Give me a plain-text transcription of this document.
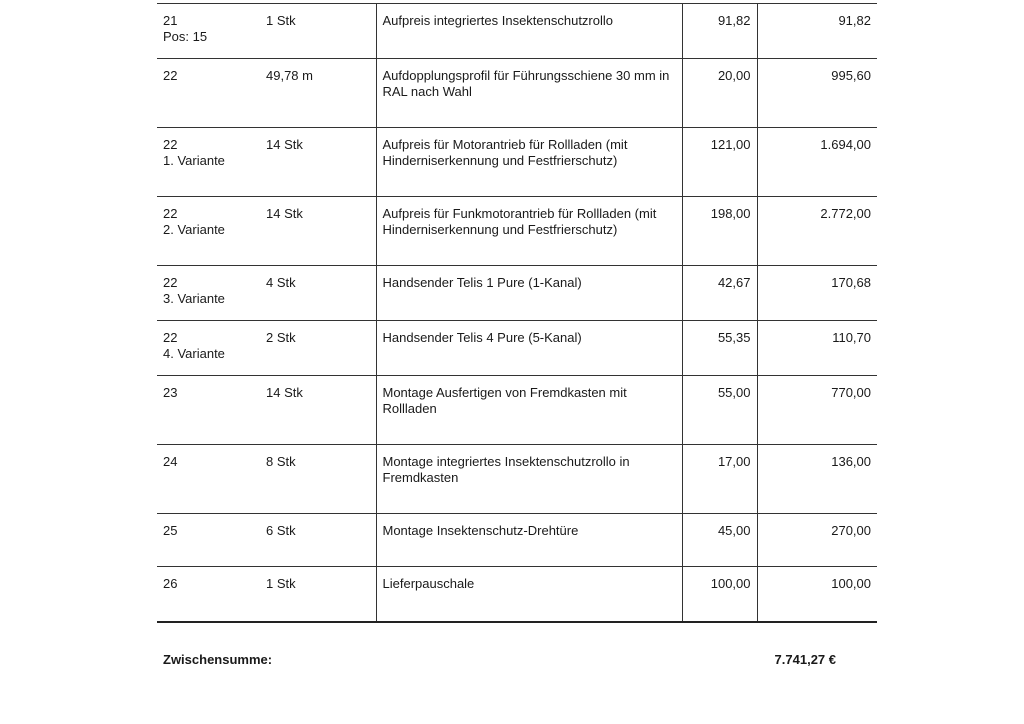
21
Pos: 15	1 Stk	Aufpreis integriertes Insektenschutzrollo	91,82	91,82

22	49,78 m	Aufdopplungsprofil für Führungsschiene 30 mm in RAL nach Wahl	20,00	995,60

22
1. Variante	14 Stk	Aufpreis für Motorantrieb für Rollladen (mit Hinderniserkennung und Festfrierschutz)	121,00	1.694,00

22
2. Variante	14 Stk	Aufpreis für Funkmotorantrieb für Rollladen (mit Hinderniserkennung und Festfrierschutz)	198,00	2.772,00

22
3. Variante	4 Stk	Handsender Telis 1 Pure (1-Kanal)	42,67	170,68

22
4. Variante	2 Stk	Handsender Telis 4 Pure (5-Kanal)	55,35	110,70

23	14 Stk	Montage Ausfertigen von Fremdkasten mit Rollladen	55,00	770,00

24	8 Stk	Montage integriertes Insektenschutzrollo in Fremdkasten	17,00	136,00

25	6 Stk	Montage Insektenschutz-Drehtüre	45,00	270,00

26	1 Stk	Lieferpauschale	100,00	100,00
Zwischensumme:	7.741,27 €
